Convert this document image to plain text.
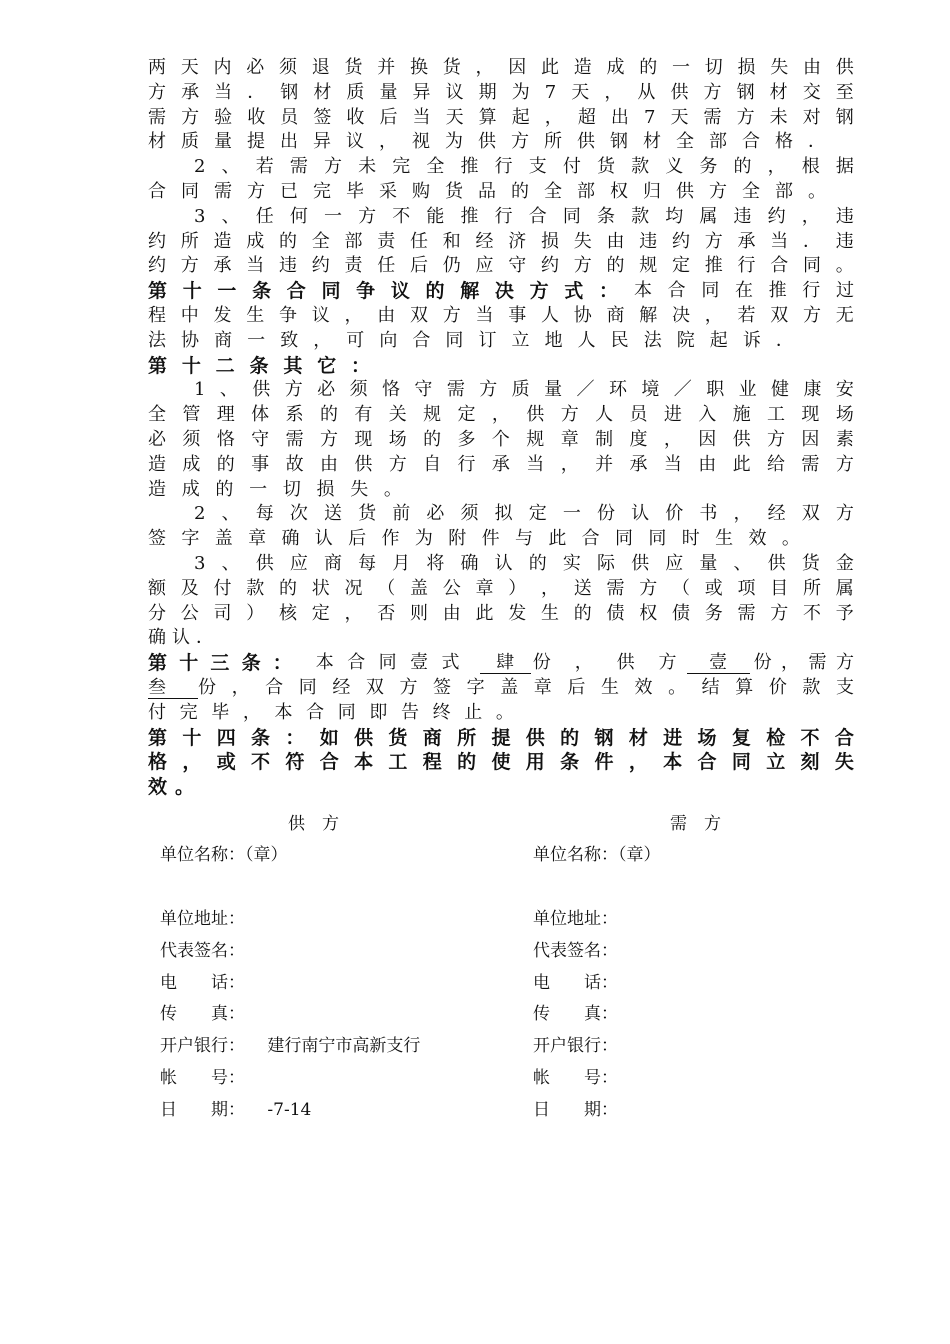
两 天 内 必 须 退 货 并 换 货 ， 因 此 造 成 的 一 切 损 失 由 供
方 承 当 ． 钢 材 质 量 异 议 期 为 7 天 ， 从 供 方 钢 材 交 至
需 方 验 收 员 签 收 后 当 天 算 起 ， 超 出 7 天 需 方 未 对 钢
材 质 量 提 出 异 议 ， 视 为 供 方 所 供 钢 材 全 部 合 格 ．
2 、 若 需 方 未 完 全 推 行 支 付 货 款 义 务 的 ， 根 据
合 同 需 方 已 完 毕 采 购 货 品 的 全 部 权 归 供 方 全 部 。
3 、 任 何 一 方 不 能 推 行 合 同 条 款 均 属 违 约 ， 违
约 所 造 成 的 全 部 责 任 和 经 济 损 失 由 违 约 方 承 当 ． 违
约 方 承 当 违 约 责 任 后 仍 应 守 约 方 的 规 定 推 行 合 同 。
第 十 一 条 合 同 争 议 的 解 决 方 式 ： 本 合 同 在 推 行 过
程 中 发 生 争 议 ， 由 双 方 当 事 人 协 商 解 决 ， 若 双 方 无
法 协 商 一 致 ， 可 向 合 同 订 立 地 人 民 法 院 起 诉 ．
第 十 二 条 其 它 ：
1 、 供 方 必 须 恪 守 需 方 质 量 ／ 环 境 ／ 职 业 健 康 安
全 管 理 体 系 的 有 关 规 定 ， 供 方 人 员 进 入 施 工 现 场
必 须 恪 守 需 方 现 场 的 多 个 规 章 制 度 ， 因 供 方 因 素
造 成 的 事 故 由 供 方 自 行 承 当 ， 并 承 当 由 此 给 需 方
造 成 的 一 切 损 失 。
2 、 每 次 送 货 前 必 须 拟 定 一 份 认 价 书 ， 经 双 方
签 字 盖 章 确 认 后 作 为 附 件 与 此 合 同 同 时 生 效 。
3 、 供 应 商 每 月 将 确 认 的 实 际 供 应 量 、 供 货 金
额 及 付 款 的 状 况 （ 盖 公 章 ） ， 送 需 方 （ 或 项 目 所 属
分 公 司 ） 核 定 ， 否 则 由 此 发 生 的 债 权 债 务 需 方 不 予
确 认 ．
第 十 三 条 ： 本 合 同 壹 式	肆	份 ， 供 方	壹	份 ， 需 方
叁	份 ， 合 同 经 双 方 签 字 盖 章 后 生 效 。 结 算 价 款 支
付 完 毕 ， 本 合 同 即 告 终 止 。
第 十 四 条 ： 如 供 货 商 所 提 供 的 钢 材 进 场 复 检 不 合
格 ， 或 不 符 合 本 工 程 的 使 用 条 件 ， 本 合 同 立 刻 失
效 。
供　方	需　方
单位名称：（章）	单位名称：（章）
单位地址：	单位地址：
代表签名：	代表签名：
电　　话：	电　　话：
传　　真：	传　　真：
开户银行： 建行南宁市高新支行	开户银行：
帐　　号：	帐　　号：
日　　期： -7-14	日　　期：
